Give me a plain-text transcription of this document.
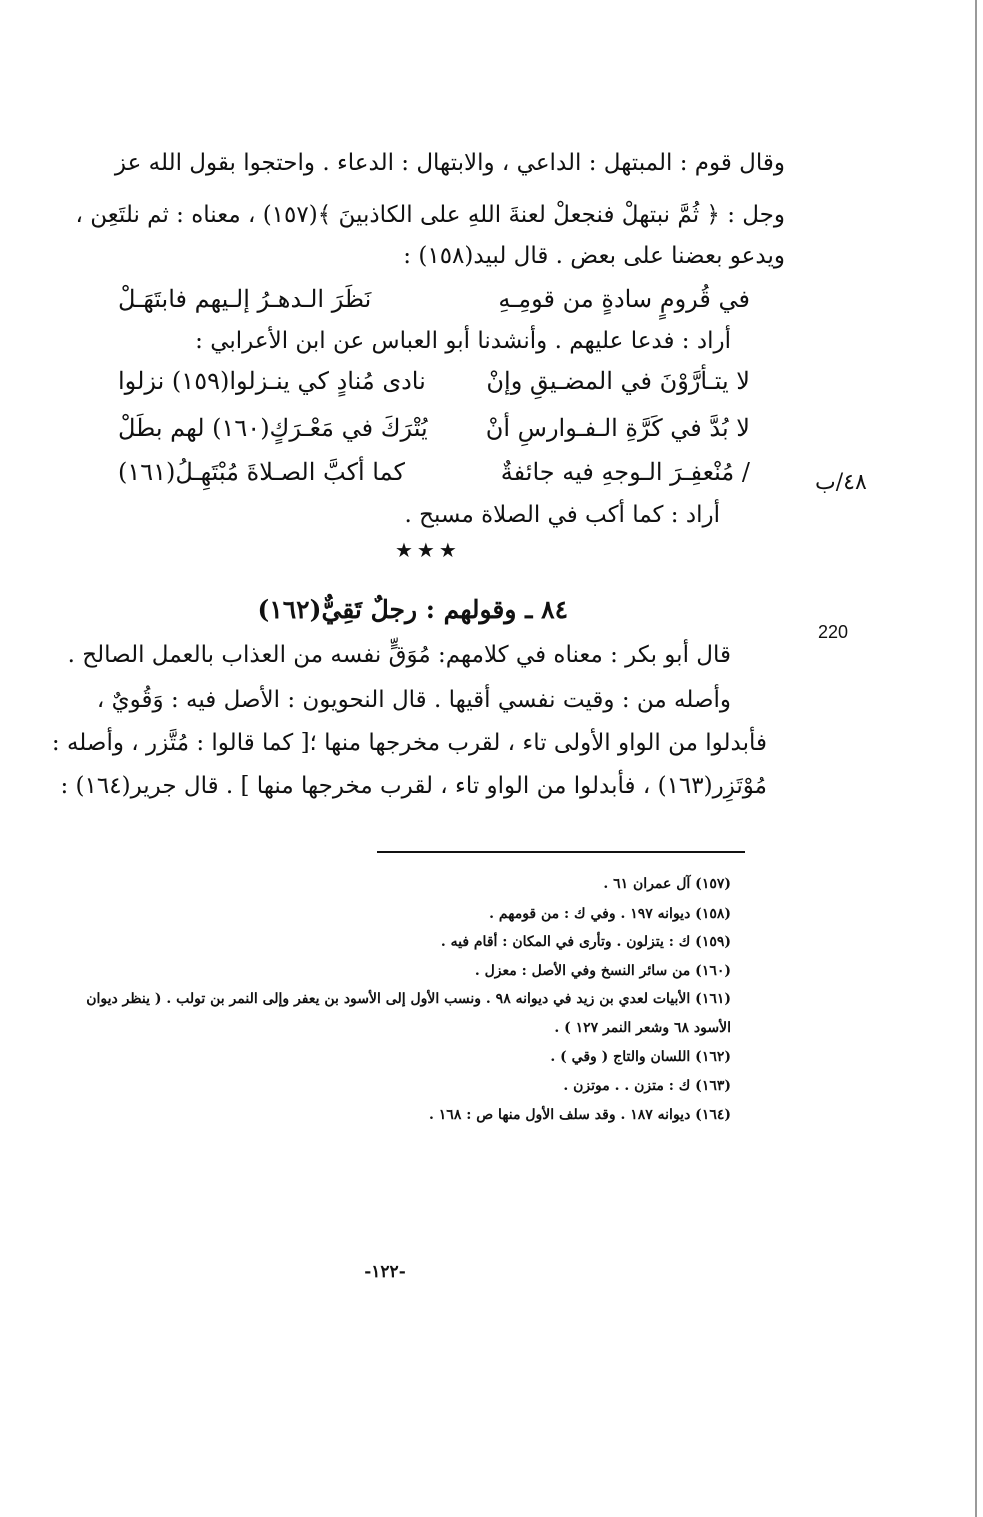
وقال قوم : المبتهل : الداعي ، والابتهال : الدعاء . واحتجوا بقول الله عز
وجل : ﴿ ثُمَّ نبتهلْ فنجعلْ لعنةَ اللهِ على الكاذبينَ ﴾(١٥٧) ، معناه : ثم نلتَعِن ،
ويدعو بعضنا على بعض . قال لبيد(١٥٨) :
في قُرومٍ سادةٍ من قومِـهِ
نَظَرَ الـدهـرُ إلـيهم فابتَهَـلْ
أراد : فدعا عليهم . وأنشدنا أبو العباس عن ابن الأعرابي :
لا يتـأرَّوْنَ في المضـيقِ وإنْ
نادى مُنادٍ كي ينـزلوا(١٥٩) نزلوا
لا بُدَّ في كَرَّةِ الـفـوارسِ أنْ
يُتْرَكَ في مَعْـرَكٍ(١٦٠) لهم بطَلْ
/ مُنْعفِـرَ الـوجهِ فيه جائفةٌ
كما أكبَّ الصـلاةَ مُبْتَهِـلُ(١٦١)	٤٨/ب
أراد : كما أكب في الصلاة مسبح .
★★★
٨٤ ـ وقولهم : رجلٌ تَقِيٌّ(١٦٢)
220
قال أبو بكر : معناه في كلامهم: مُوَقٍّ نفسه من العذاب بالعمل الصالح .
وأصله من : وقيت نفسي أقيها . قال النحويون : الأصل فيه : وَقُويٌ ،
فأبدلوا من الواو الأولى تاء ، لقرب مخرجها منها ؛[ كما قالوا : مُتَّزر ، وأصله :
مُوْتَزِر(١٦٣) ، فأبدلوا من الواو تاء ، لقرب مخرجها منها ] . قال جرير(١٦٤) :
(١٥٧) آل عمران ٦١ .
(١٥٨) ديوانه ١٩٧ . وفي ك : من قومهم .
(١٥٩) ك : يتزلون . وتأرى في المكان : أقام فيه .
(١٦٠) من سائر النسخ وفي الأصل : معزل .
(١٦١) الأبيات لعدي بن زيد في ديوانه ٩٨ . ونسب الأول إلى الأسود بن يعفر وإلى النمر بن تولب . ( ينظر ديوان
الأسود ٦٨ وشعر النمر ١٢٧ ) .
(١٦٢) اللسان والتاج ( وقي ) .
(١٦٣) ك : متزن . . موتزن .
(١٦٤) ديوانه ١٨٧ . وقد سلف الأول منها ص : ١٦٨ .
-١٢٢-
